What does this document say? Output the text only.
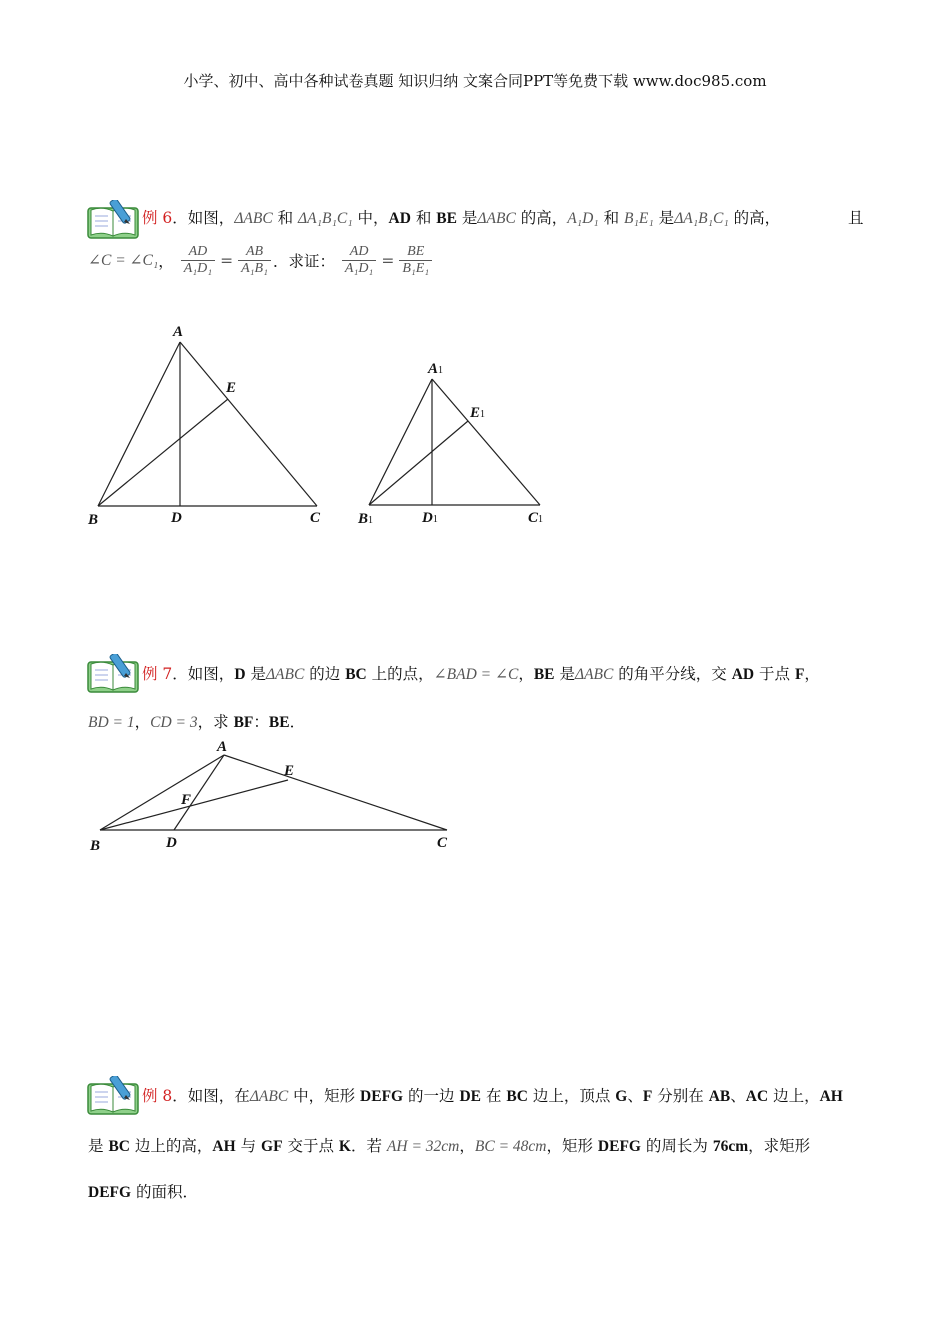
小学、初中、高中各种试卷真题 知识归纳 文案合同PPT等免费下载 www.doc985.com
例 6．如图，ΔABC 和 ΔA₁B₁C₁ 中，AD 和 BE 是ΔABC 的高，A₁D₁ 和 B₁E₁ 是ΔA₁B₁C₁ 的高，	且
∠C = ∠C₁， $\frac{AD}{\text{A₁D₁}} = \frac{AB}{\text{A₁B₁}}$ ．求证： $\frac{AD}{\text{A₁D₁}} = \frac{BE}{\text{B₁E₁}}$
A
E
B	D	C
A1
E1
B1	D1	C1
例 7．如图，D 是ΔABC 的边 BC 上的点，∠BAD = ∠C，BE 是ΔABC 的角平分线，交 AD 于点 F，
BD = 1，CD = 3，求 BF：BE．
A
E
F
B	D	C
例 8．如图，在ΔABC 中，矩形 DEFG 的一边 DE 在 BC 边上，顶点 G、F 分别在 AB、AC 边上，AH
是 BC 边上的高，AH 与 GF 交于点 K．若 AH = 32cm，BC = 48cm，矩形 DEFG 的周长为 76cm，求矩形
DEFG 的面积．
